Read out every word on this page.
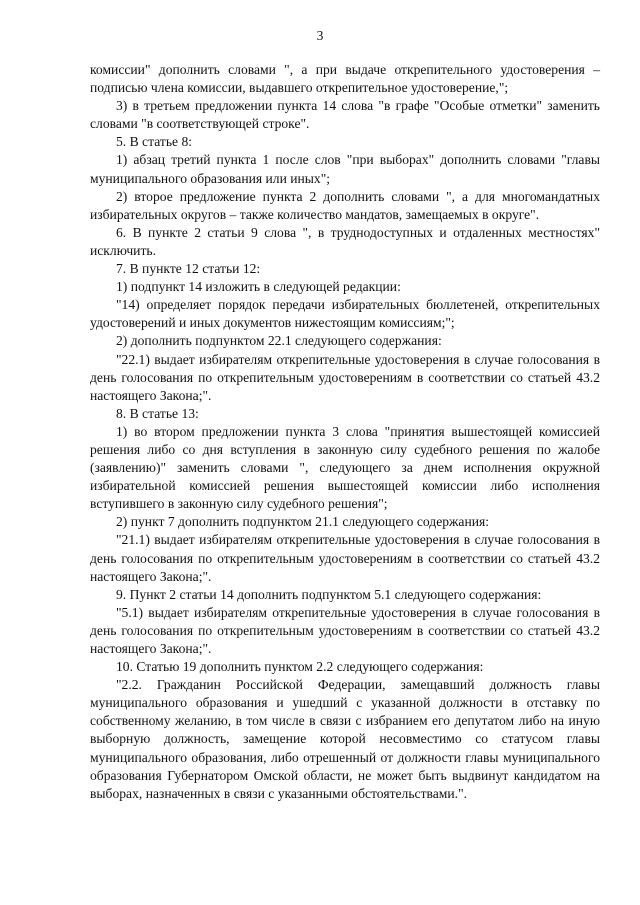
3

комиссии" дополнить словами ", а при выдаче открепительного удостоверения – подписью члена комиссии, выдавшего открепительное удостоверение,";

3) в третьем предложении пункта 14 слова "в графе "Особые отметки" заменить словами "в соответствующей строке".

5. В статье 8:

1) абзац третий пункта 1 после слов "при выборах" дополнить словами "главы муниципального образования или иных";

2) второе предложение пункта 2 дополнить словами ", а для многомандатных избирательных округов – также количество мандатов, замещаемых в округе".

6. В пункте 2 статьи 9 слова ", в труднодоступных и отдаленных местностях" исключить.

7. В пункте 12 статьи 12:

1) подпункт 14 изложить в следующей редакции:

"14) определяет порядок передачи избирательных бюллетеней, открепительных удостоверений и иных документов нижестоящим комиссиям;";

2) дополнить подпунктом 22.1 следующего содержания:

"22.1) выдает избирателям открепительные удостоверения в случае голосования в день голосования по открепительным удостоверениям в соответствии со статьей 43.2 настоящего Закона;".

8. В статье 13:

1) во втором предложении пункта 3 слова "принятия вышестоящей комиссией решения либо со дня вступления в законную силу судебного решения по жалобе (заявлению)" заменить словами ", следующего за днем исполнения окружной избирательной комиссией решения вышестоящей комиссии либо исполнения вступившего в законную силу судебного решения";

2) пункт 7 дополнить подпунктом 21.1 следующего содержания:

"21.1) выдает избирателям открепительные удостоверения в случае голосования в день голосования по открепительным удостоверениям в соответствии со статьей 43.2 настоящего Закона;".

9. Пункт 2 статьи 14 дополнить подпунктом 5.1 следующего содержания:

"5.1) выдает избирателям открепительные удостоверения в случае голосования в день голосования по открепительным удостоверениям в соответствии со статьей 43.2 настоящего Закона;".

10. Статью 19 дополнить пунктом 2.2 следующего содержания:

"2.2. Гражданин Российской Федерации, замещавший должность главы муниципального образования и ушедший с указанной должности в отставку по собственному желанию, в том числе в связи с избранием его депутатом либо на иную выборную должность, замещение которой несовместимо со статусом главы муниципального образования, либо отрешенный от должности главы муниципального образования Губернатором Омской области, не может быть выдвинут кандидатом на выборах, назначенных в связи с указанными обстоятельствами.".
